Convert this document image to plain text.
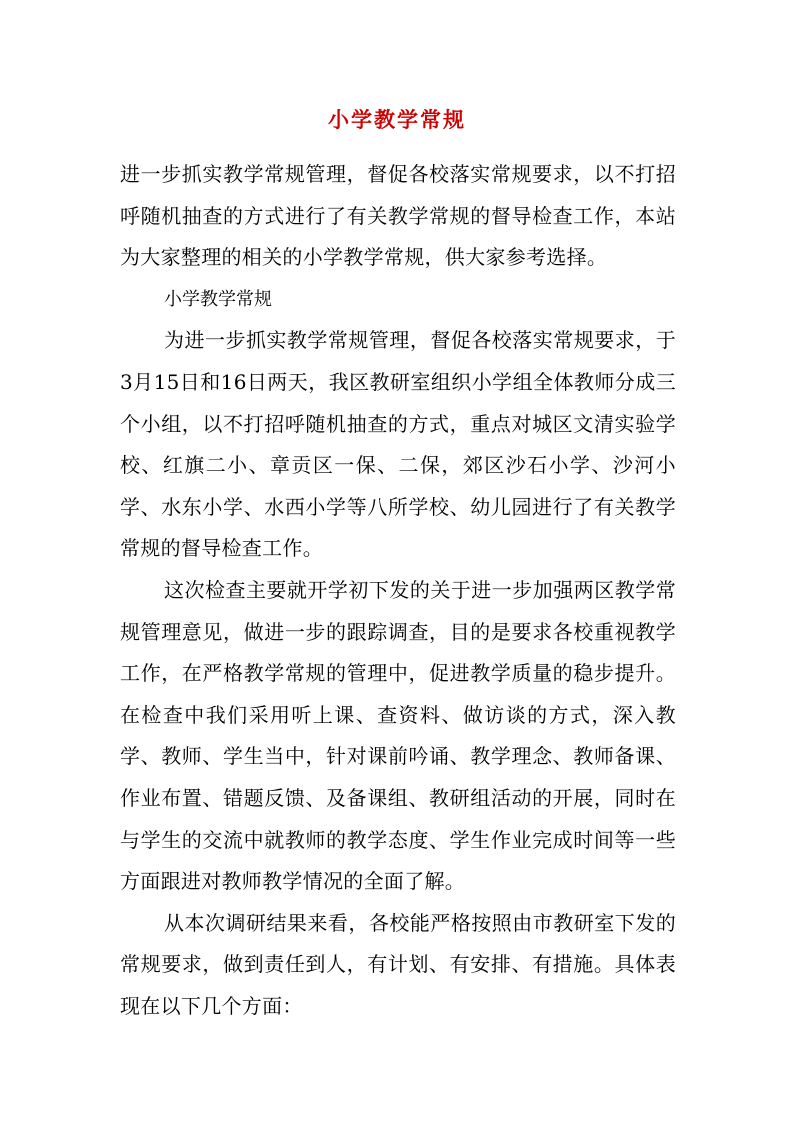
小学教学常规

进一步抓实教学常规管理，督促各校落实常规要求，以不打招呼随机抽查的方式进行了有关教学常规的督导检查工作，本站为大家整理的相关的小学教学常规，供大家参考选择。

小学教学常规

为进一步抓实教学常规管理，督促各校落实常规要求，于3月15日和16日两天，我区教研室组织小学组全体教师分成三个小组，以不打招呼随机抽查的方式，重点对城区文清实验学校、红旗二小、章贡区一保、二保，郊区沙石小学、沙河小学、水东小学、水西小学等八所学校、幼儿园进行了有关教学常规的督导检查工作。

这次检查主要就开学初下发的关于进一步加强两区教学常规管理意见，做进一步的跟踪调查，目的是要求各校重视教学工作，在严格教学常规的管理中，促进教学质量的稳步提升。在检查中我们采用听上课、查资料、做访谈的方式，深入教学、教师、学生当中，针对课前吟诵、教学理念、教师备课、作业布置、错题反馈、及备课组、教研组活动的开展，同时在与学生的交流中就教师的教学态度、学生作业完成时间等一些方面跟进对教师教学情况的全面了解。

从本次调研结果来看，各校能严格按照由市教研室下发的常规要求，做到责任到人，有计划、有安排、有措施。具体表现在以下几个方面：
